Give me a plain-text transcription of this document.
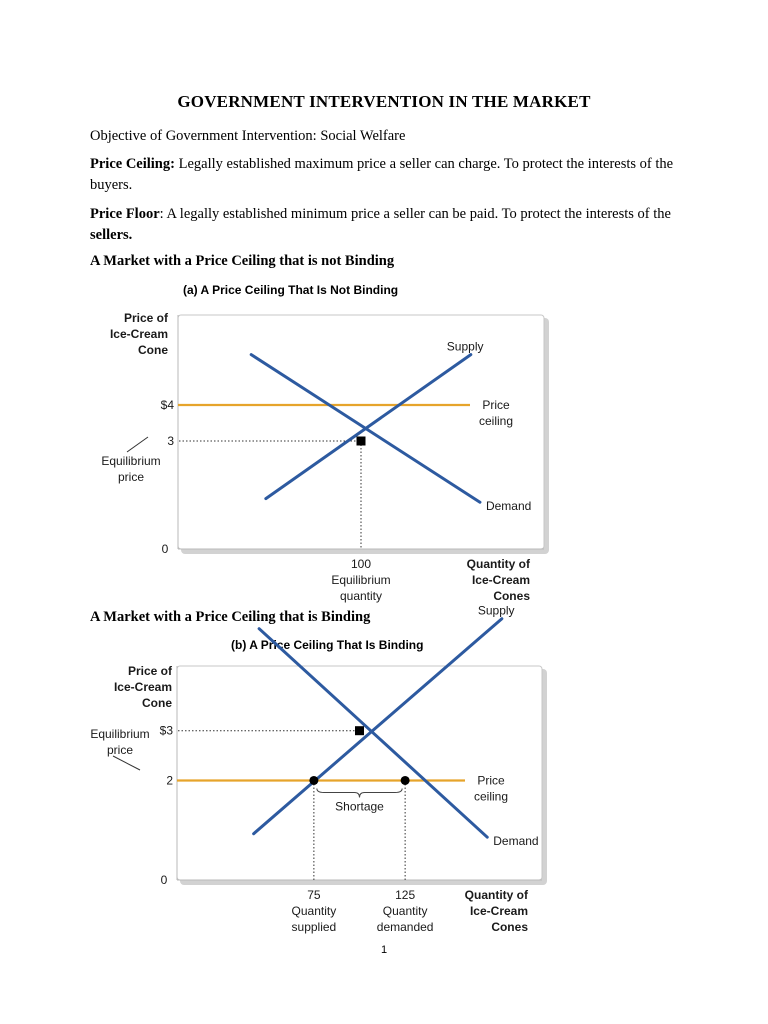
GOVERNMENT INTERVENTION IN THE MARKET
Objective of Government Intervention: Social Welfare
Price Ceiling: Legally established maximum price a seller can charge. To protect the interests of the buyers.
Price Floor: A legally established minimum price a seller can be paid. To protect the interests of the sellers.
A Market with a Price Ceiling that is not Binding
(a) A Price Ceiling That Is Not Binding
Price of
Ice-Cream
Cone
Quantity of
Ice-Cream
Cones
0
$4
3
100
Price
ceiling
Supply
Demand
Equilibrium
price
Equilibrium
quantity
A Market with a Price Ceiling that is Binding
(b) A Price Ceiling That Is Binding
Price of
Ice-Cream
Cone
Quantity of
Ice-Cream
Cones
0
$3
2
75	125
Price
ceiling
Supply
Demand
Equilibrium
price
Shortage
Quantity
supplied
Quantity
demanded
1
